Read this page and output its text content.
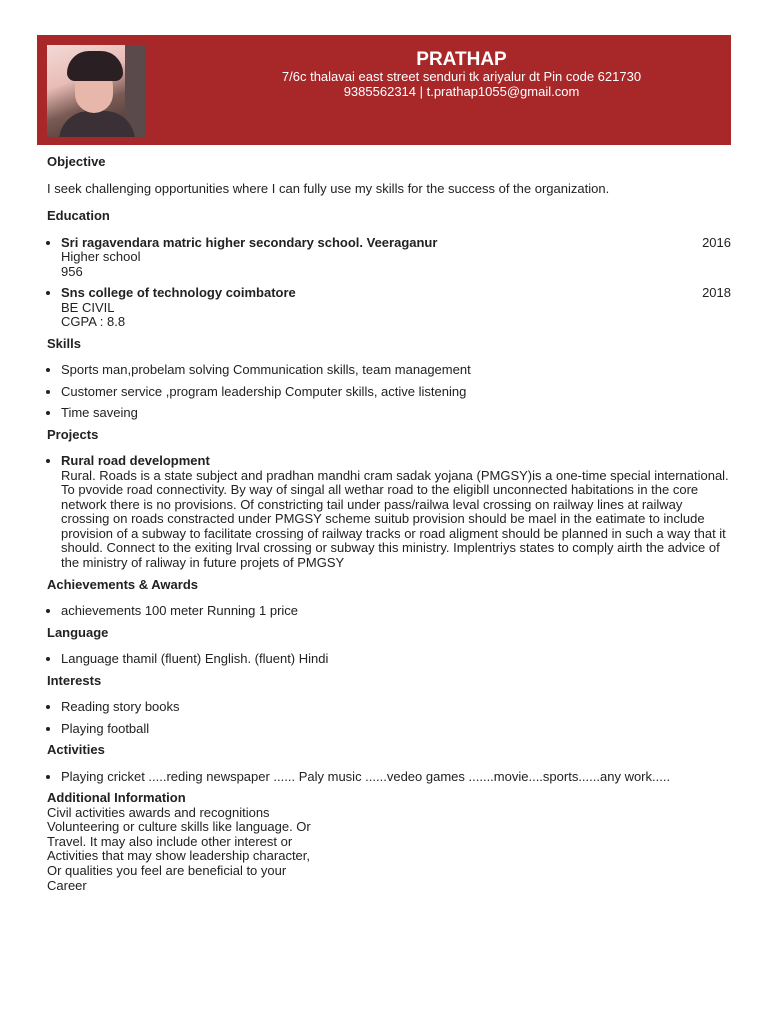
PRATHAP
7/6c thalavai east street senduri tk ariyalur dt Pin code 621730
9385562314 | t.prathap1055@gmail.com
Objective
I seek challenging opportunities where I can fully use my skills for the success of the organization.
Education
• Sri ragavendara matric higher secondary school. Veeraganur	2016
Higher school
956
• Sns college of technology coimbatore	2018
BE CIVIL
CGPA : 8.8
Skills
• Sports man,probelam solving Communication skills, team management
• Customer service ,program leadership Computer skills, active listening
• Time saveing
Projects
• Rural road development
Rural. Roads is a state subject and pradhan mandhi cram sadak yojana (PMGSY)is a one-time special international. To pvovide road connectivity. By way of singal all wethar road to the eligibll unconnected habitations in the core network there is no provisions. Of constricting tail under pass/railwa leval crossing on railway lines at railway crossing on roads constracted under PMGSY scheme suitub provision should be mael in the eatimate to include provision of a subway to facilitate crossing of railway tracks or road aligment should be planned in such a way that it should. Connect to the exiting lrval crossing or subway this ministry. Implentriys states to comply airth the advice of the ministry of raliway in future projets of PMGSY
Achievements & Awards
• achievements 100 meter Running 1 price
Language
• Language thamil (fluent) English. (fluent) Hindi
Interests
• Reading story books
• Playing football
Activities
• Playing cricket .....reding newspaper ...... Paly music ......vedeo games .......movie....sports......any work.....
Additional Information
Civil activities awards and recognitions
Volunteering or culture skills like language. Or
Travel. It may also include other interest or
Activities that may show leadership character,
Or qualities you feel are beneficial to your
Career
